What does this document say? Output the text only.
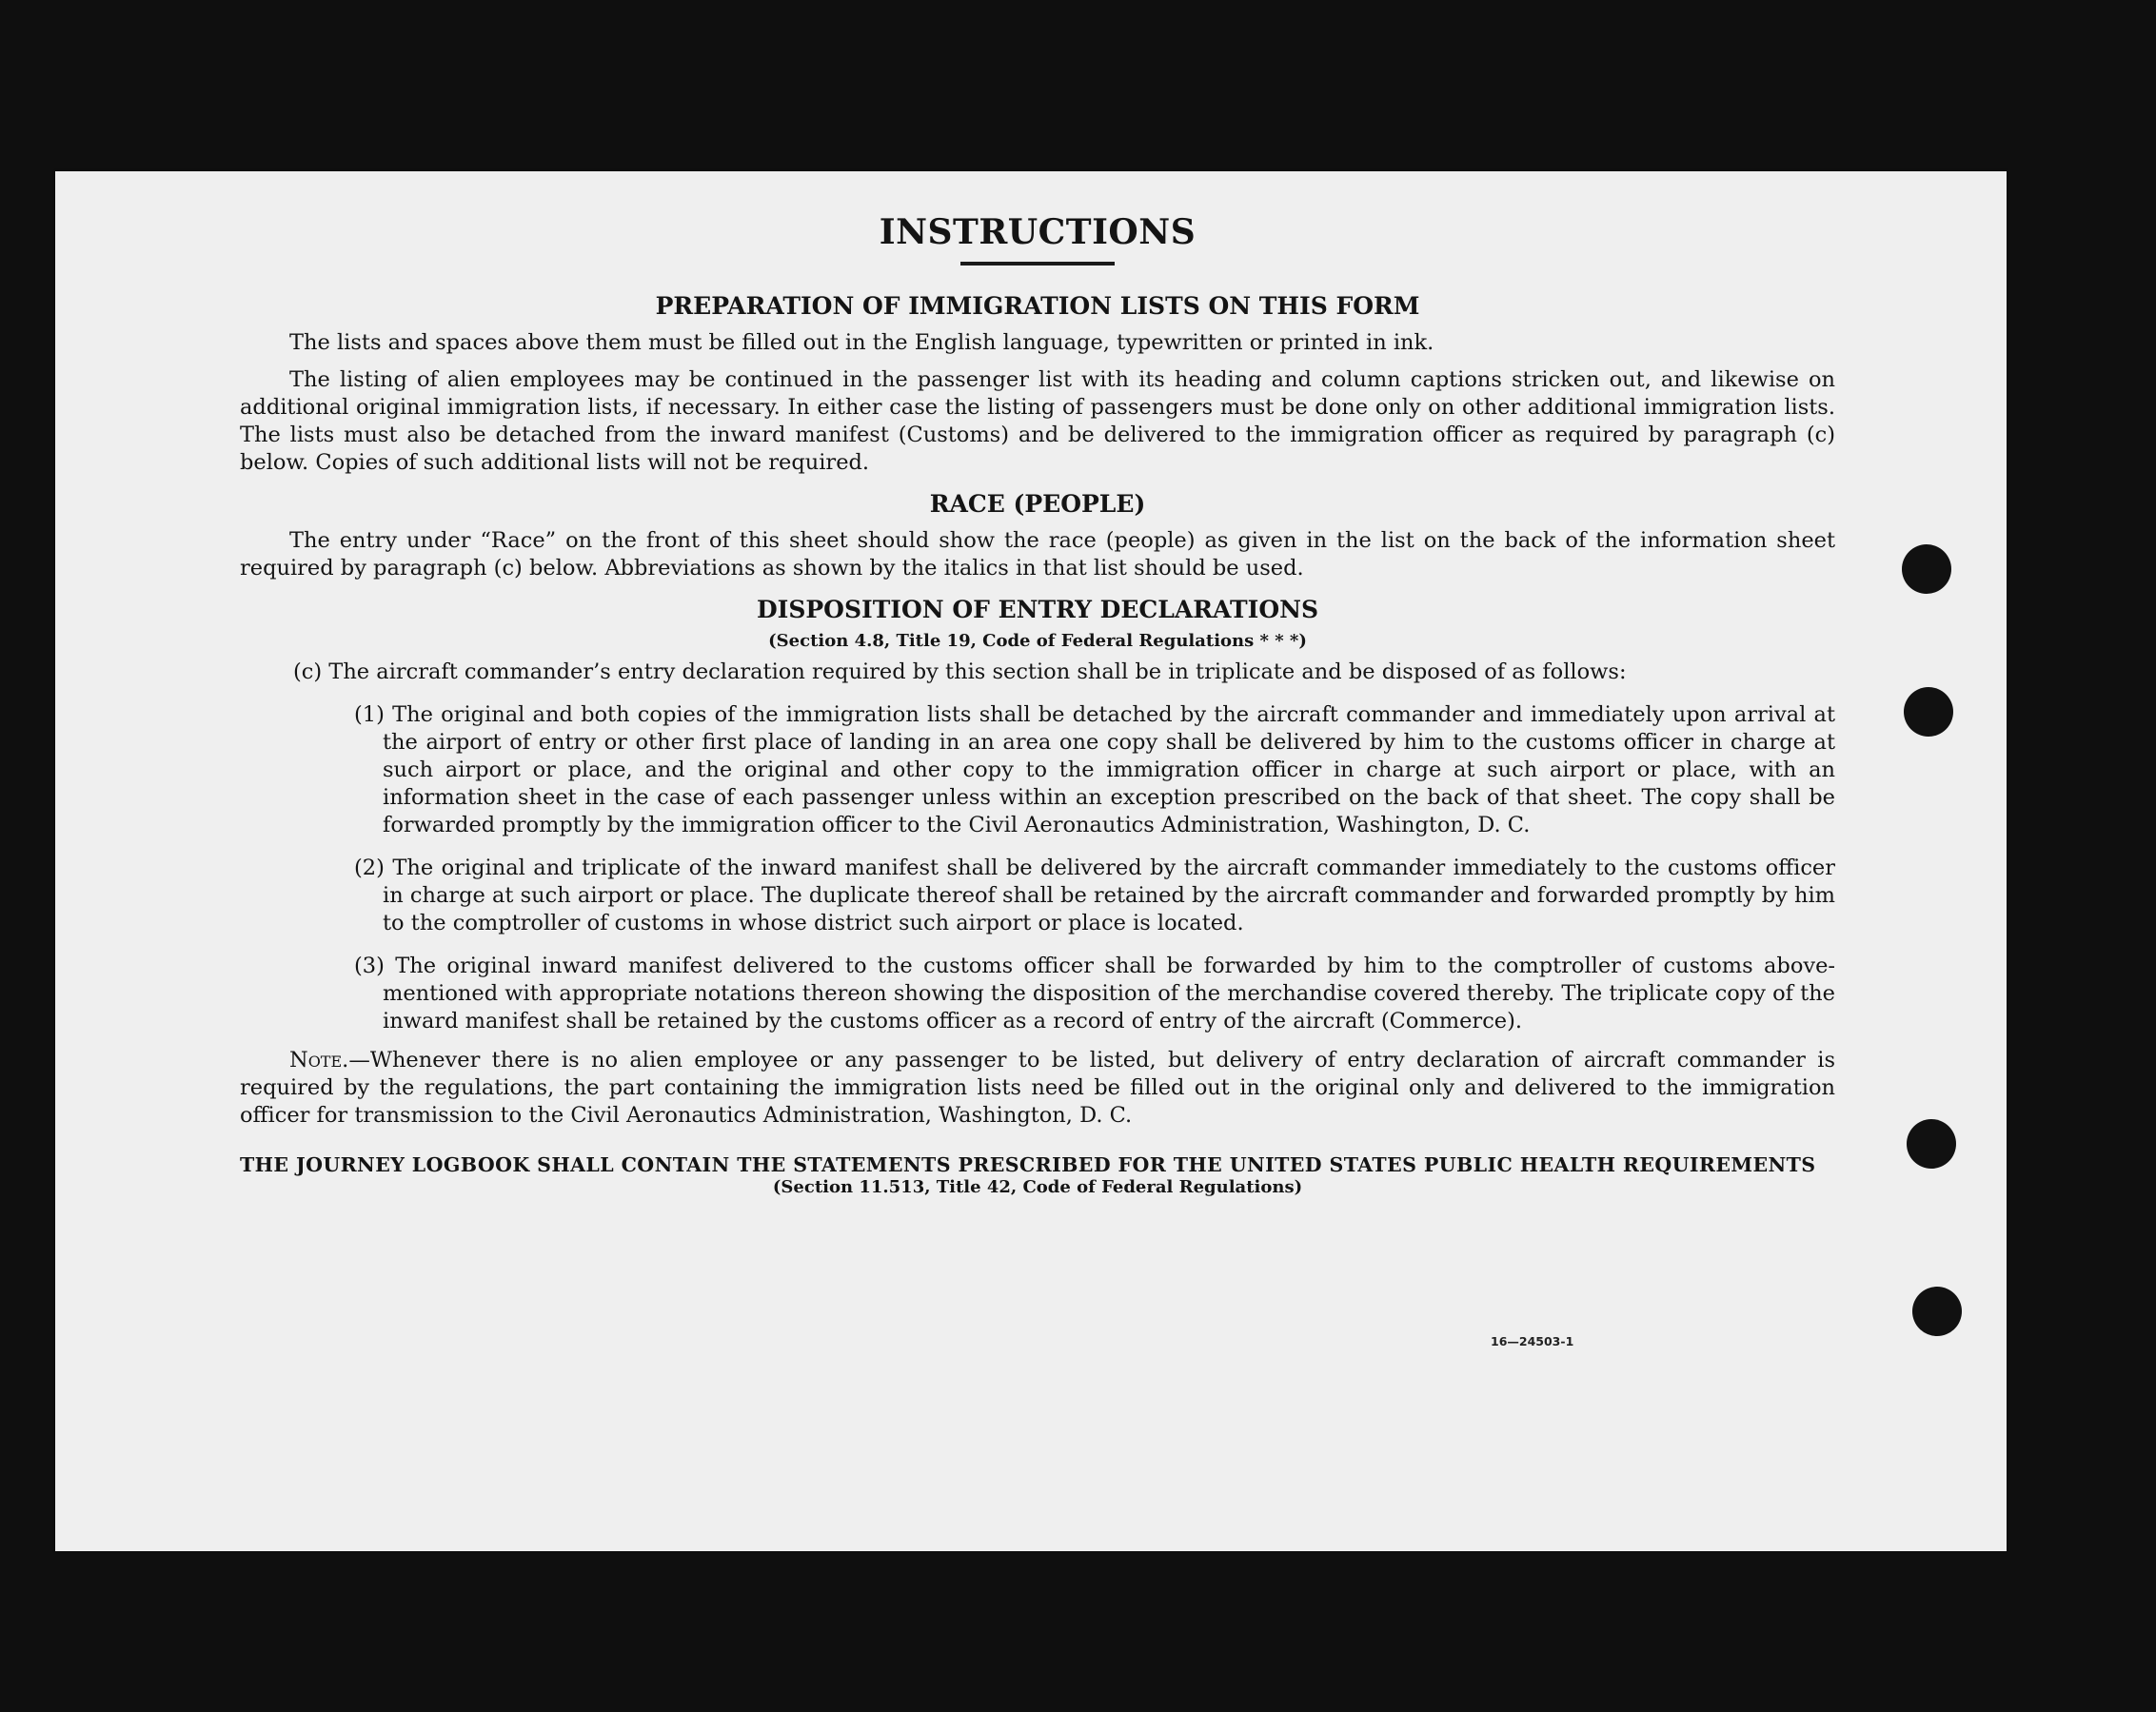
INSTRUCTIONS
PREPARATION OF IMMIGRATION LISTS ON THIS FORM

The lists and spaces above them must be filled out in the English language, typewritten or printed in ink.

The listing of alien employees may be continued in the passenger list with its heading and column captions stricken out, and likewise on additional original immigration lists, if necessary. In either case the listing of passengers must be done only on other additional immigration lists. The lists must also be detached from the inward manifest (Customs) and be delivered to the immigration officer as required by paragraph (c) below. Copies of such additional lists will not be required.

RACE (PEOPLE)

The entry under “Race” on the front of this sheet should show the race (people) as given in the list on the back of the information sheet required by paragraph (c) below. Abbreviations as shown by the italics in that list should be used.

DISPOSITION OF ENTRY DECLARATIONS
(Section 4.8, Title 19, Code of Federal Regulations * * *)

(c) The aircraft commander’s entry declaration required by this section shall be in triplicate and be disposed of as follows:

(1) The original and both copies of the immigration lists shall be detached by the aircraft commander and immediately upon arrival at the airport of entry or other first place of landing in an area one copy shall be delivered by him to the customs officer in charge at such airport or place, and the original and other copy to the immigration officer in charge at such airport or place, with an information sheet in the case of each passenger unless within an exception prescribed on the back of that sheet. The copy shall be forwarded promptly by the immigration officer to the Civil Aeronautics Administration, Washington, D. C.
(2) The original and triplicate of the inward manifest shall be delivered by the aircraft commander immediately to the customs officer in charge at such airport or place. The duplicate thereof shall be retained by the aircraft commander and forwarded promptly by him to the comptroller of customs in whose district such airport or place is located.
(3) The original inward manifest delivered to the customs officer shall be forwarded by him to the comptroller of customs above-mentioned with appropriate notations thereon showing the disposition of the merchandise covered thereby. The triplicate copy of the inward manifest shall be retained by the customs officer as a record of entry of the aircraft (Commerce).

Note.—Whenever there is no alien employee or any passenger to be listed, but delivery of entry declaration of aircraft commander is required by the regulations, the part containing the immigration lists need be filled out in the original only and delivered to the immigration officer for transmission to the Civil Aeronautics Administration, Washington, D. C.

THE JOURNEY LOGBOOK SHALL CONTAIN THE STATEMENTS PRESCRIBED FOR THE UNITED STATES PUBLIC HEALTH REQUIREMENTS
(Section 11.513, Title 42, Code of Federal Regulations)
16—24503-1
